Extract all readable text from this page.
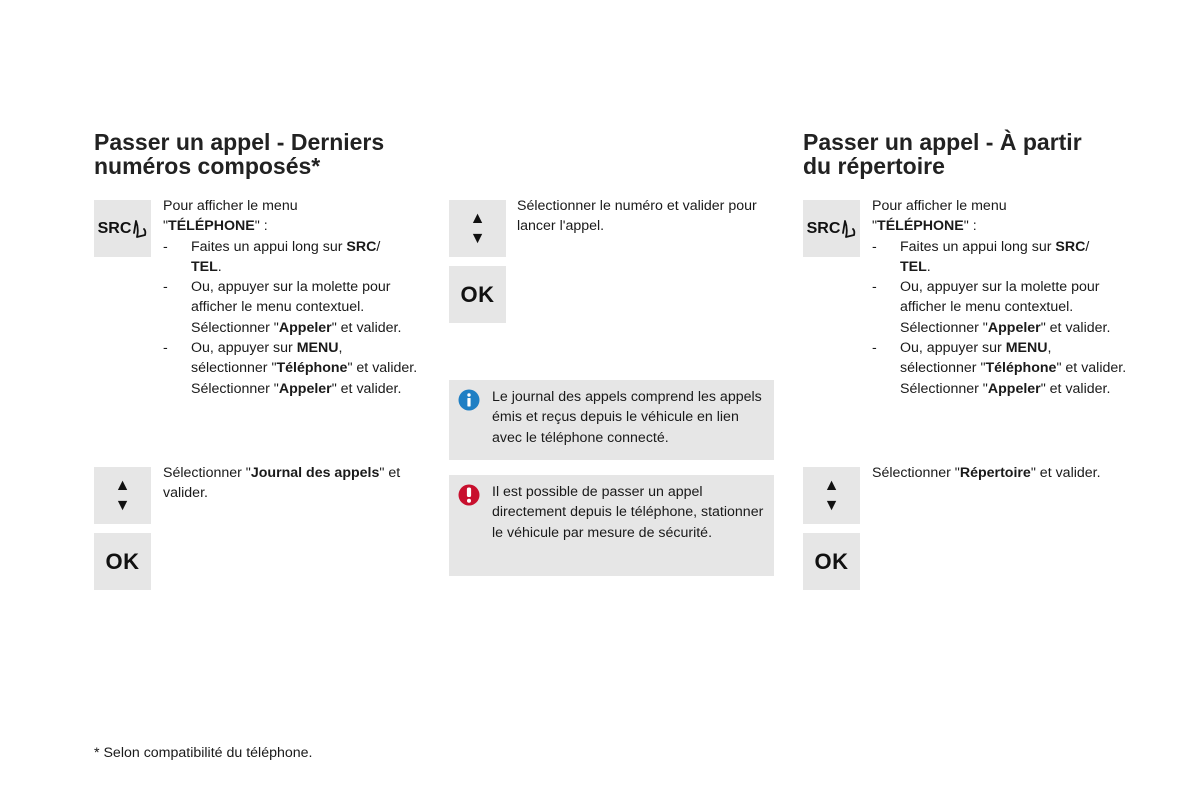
Passer un appel - Derniers
numéros composés*
SRC

Pour afficher le menu
"TÉLÉPHONE" :

- Faites un appui long sur SRC/
TEL.
- Ou, appuyer sur la molette pour afficher le menu contextuel. Sélectionner "Appeler" et valider.
- Ou, appuyer sur MENU, sélectionner "Téléphone" et valider. Sélectionner "Appeler" et valider.
▲
▼
Sélectionner "Journal des appels" et valider.
OK
▲
▼
Sélectionner le numéro et valider pour lancer l'appel.
OK
Le journal des appels comprend les appels émis et reçus depuis le véhicule en lien avec le téléphone connecté.
Il est possible de passer un appel directement depuis le téléphone, stationner le véhicule par mesure de sécurité.
Passer un appel - À partir
du répertoire
SRC

Pour afficher le menu
"TÉLÉPHONE" :

- Faites un appui long sur SRC/
TEL.
- Ou, appuyer sur la molette pour afficher le menu contextuel. Sélectionner "Appeler" et valider.
- Ou, appuyer sur MENU, sélectionner "Téléphone" et valider. Sélectionner "Appeler" et valider.
▲
▼
Sélectionner "Répertoire" et valider.
OK
* Selon compatibilité du téléphone.
